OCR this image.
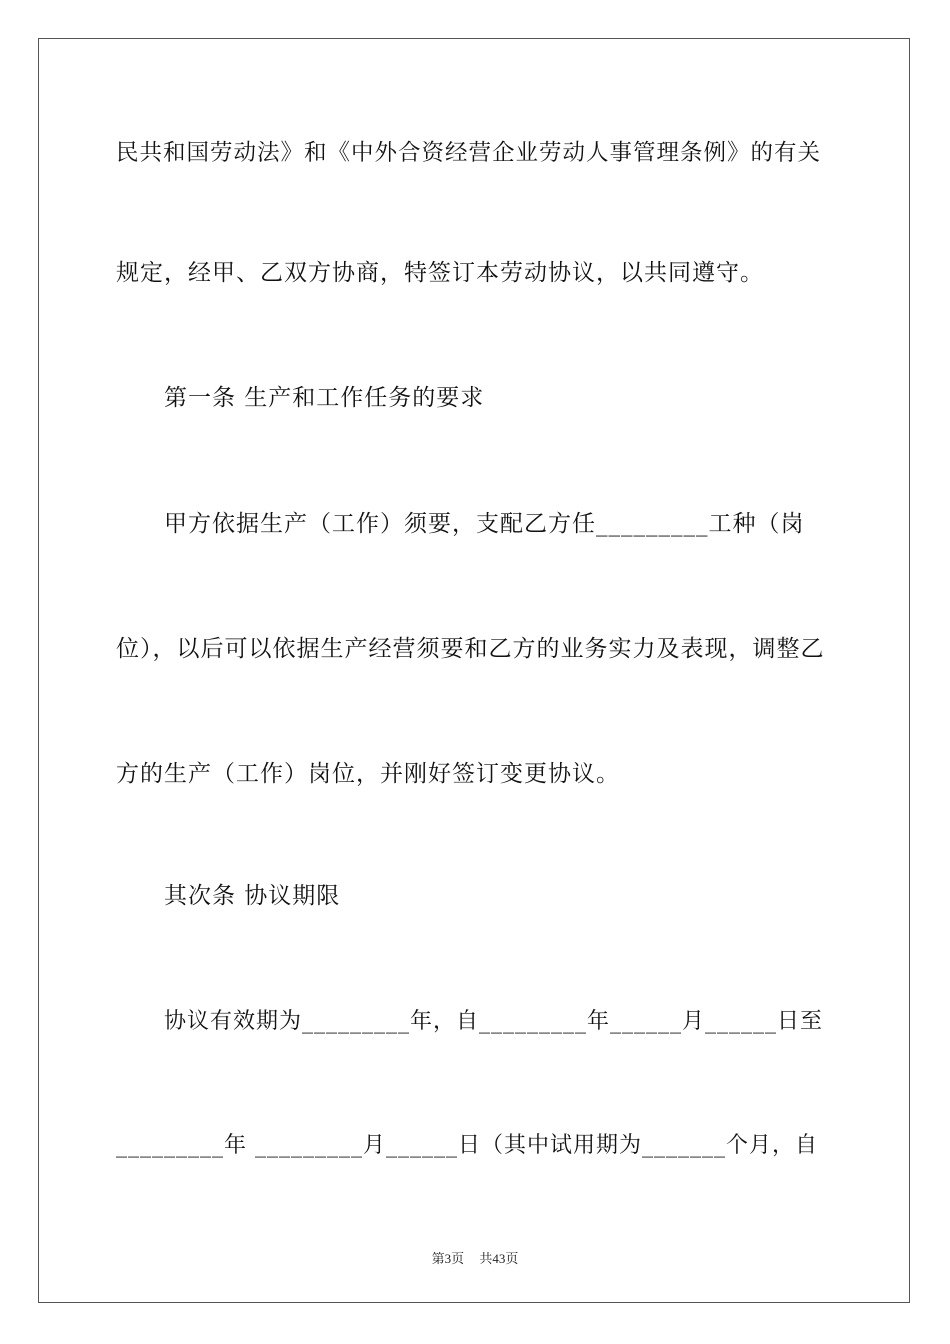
民共和国劳动法》和《中外合资经营企业劳动人事管理条例》的有关
规定，经甲、乙双方协商，特签订本劳动协议，以共同遵守。
第一条 生产和工作任务的要求
甲方依据生产（工作）须要，支配乙方任_________工种（岗
位），以后可以依据生产经营须要和乙方的业务实力及表现，调整乙
方的生产（工作）岗位，并刚好签订变更协议。
其次条 协议期限
协议有效期为_________年，自_________年______月______日至
_________年 _________月______日（其中试用期为_______个月，自
第3页 共43页
